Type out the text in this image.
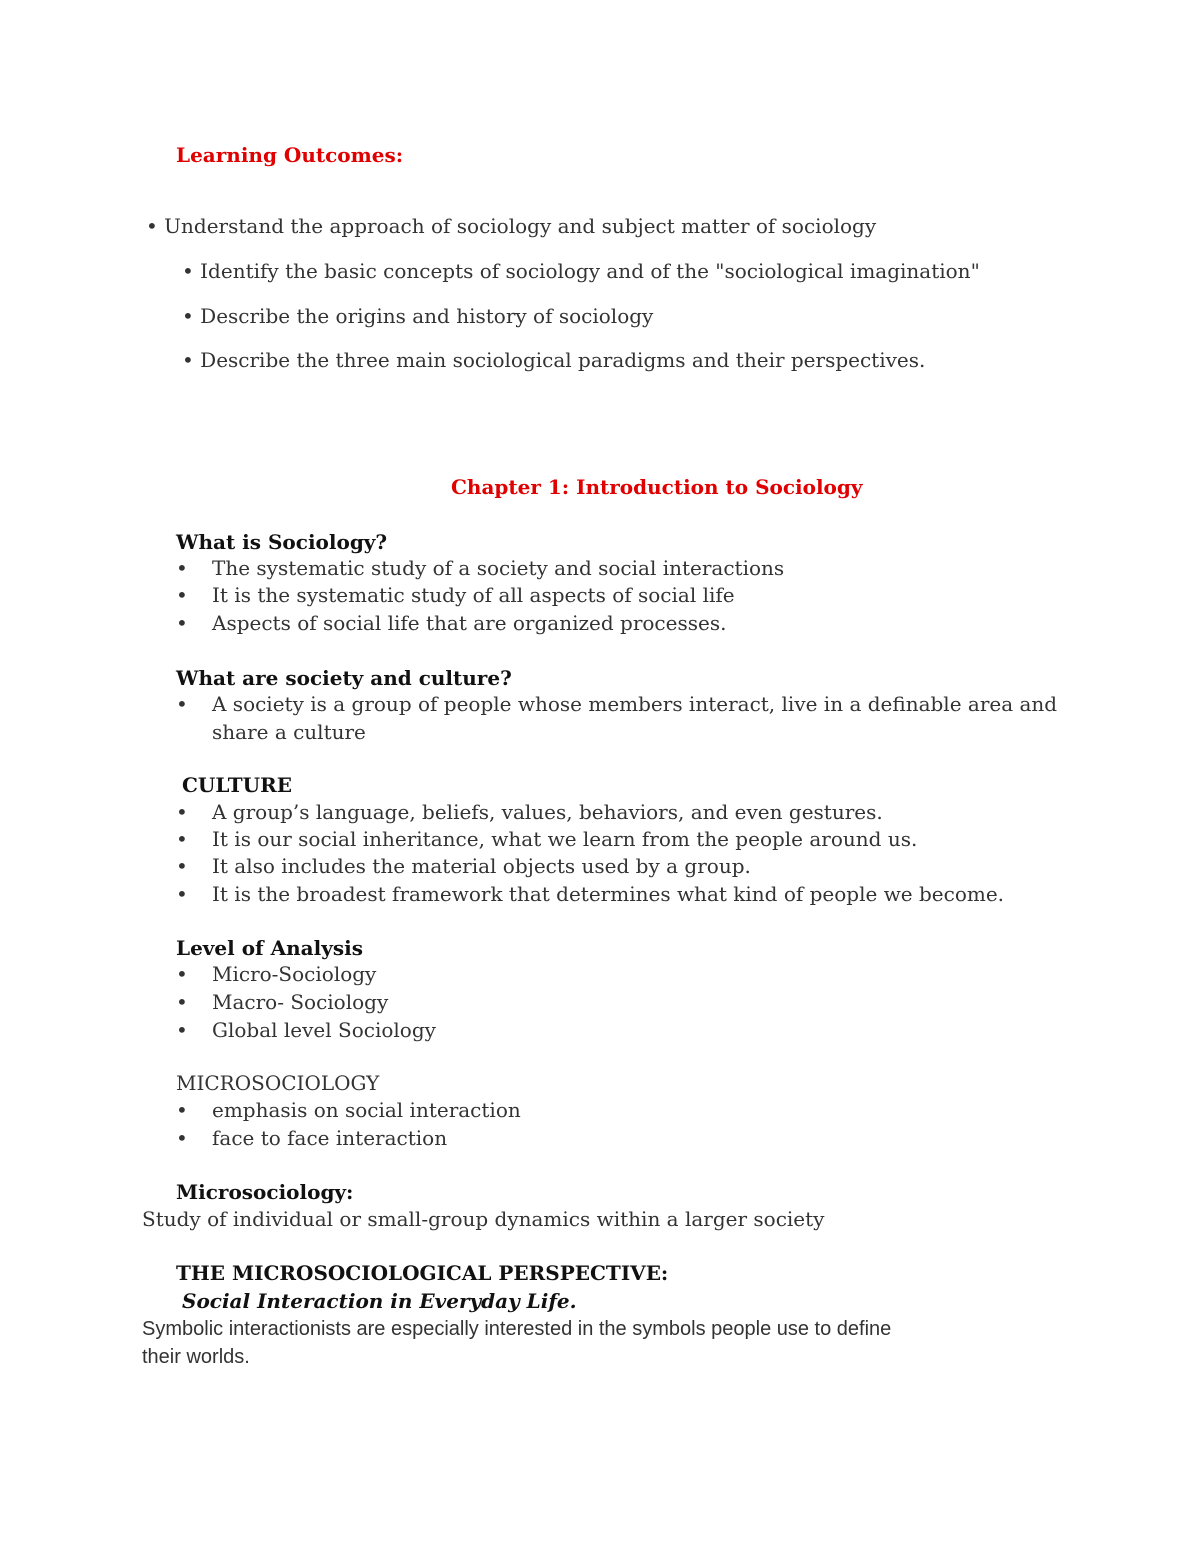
Learning Outcomes:
• Understand the approach of sociology and subject matter of sociology
• Identify the basic concepts of sociology and of the "sociological imagination"
• Describe the origins and history of sociology
• Describe the three main sociological paradigms and their perspectives.
Chapter 1: Introduction to Sociology
What is Sociology?
• The systematic study of a society and social interactions
• It is the systematic study of all aspects of social life
• Aspects of social life that are organized processes.
What are society and culture?
• A society is a group of people whose members interact, live in a definable area and share a culture
CULTURE
• A group’s language, beliefs, values, behaviors, and even gestures.
• It is our social inheritance, what we learn from the people around us.
• It also includes the material objects used by a group.
• It is the broadest framework that determines what kind of people we become.
Level of Analysis
• Micro-Sociology
• Macro- Sociology
• Global level Sociology
MICROSOCIOLOGY
• emphasis on social interaction
• face to face interaction
Microsociology:
Study of individual or small-group dynamics within a larger society
THE MICROSOCIOLOGICAL PERSPECTIVE:
Social Interaction in Everyday Life.
Symbolic interactionists are especially interested in the symbols people use to define their worlds.
